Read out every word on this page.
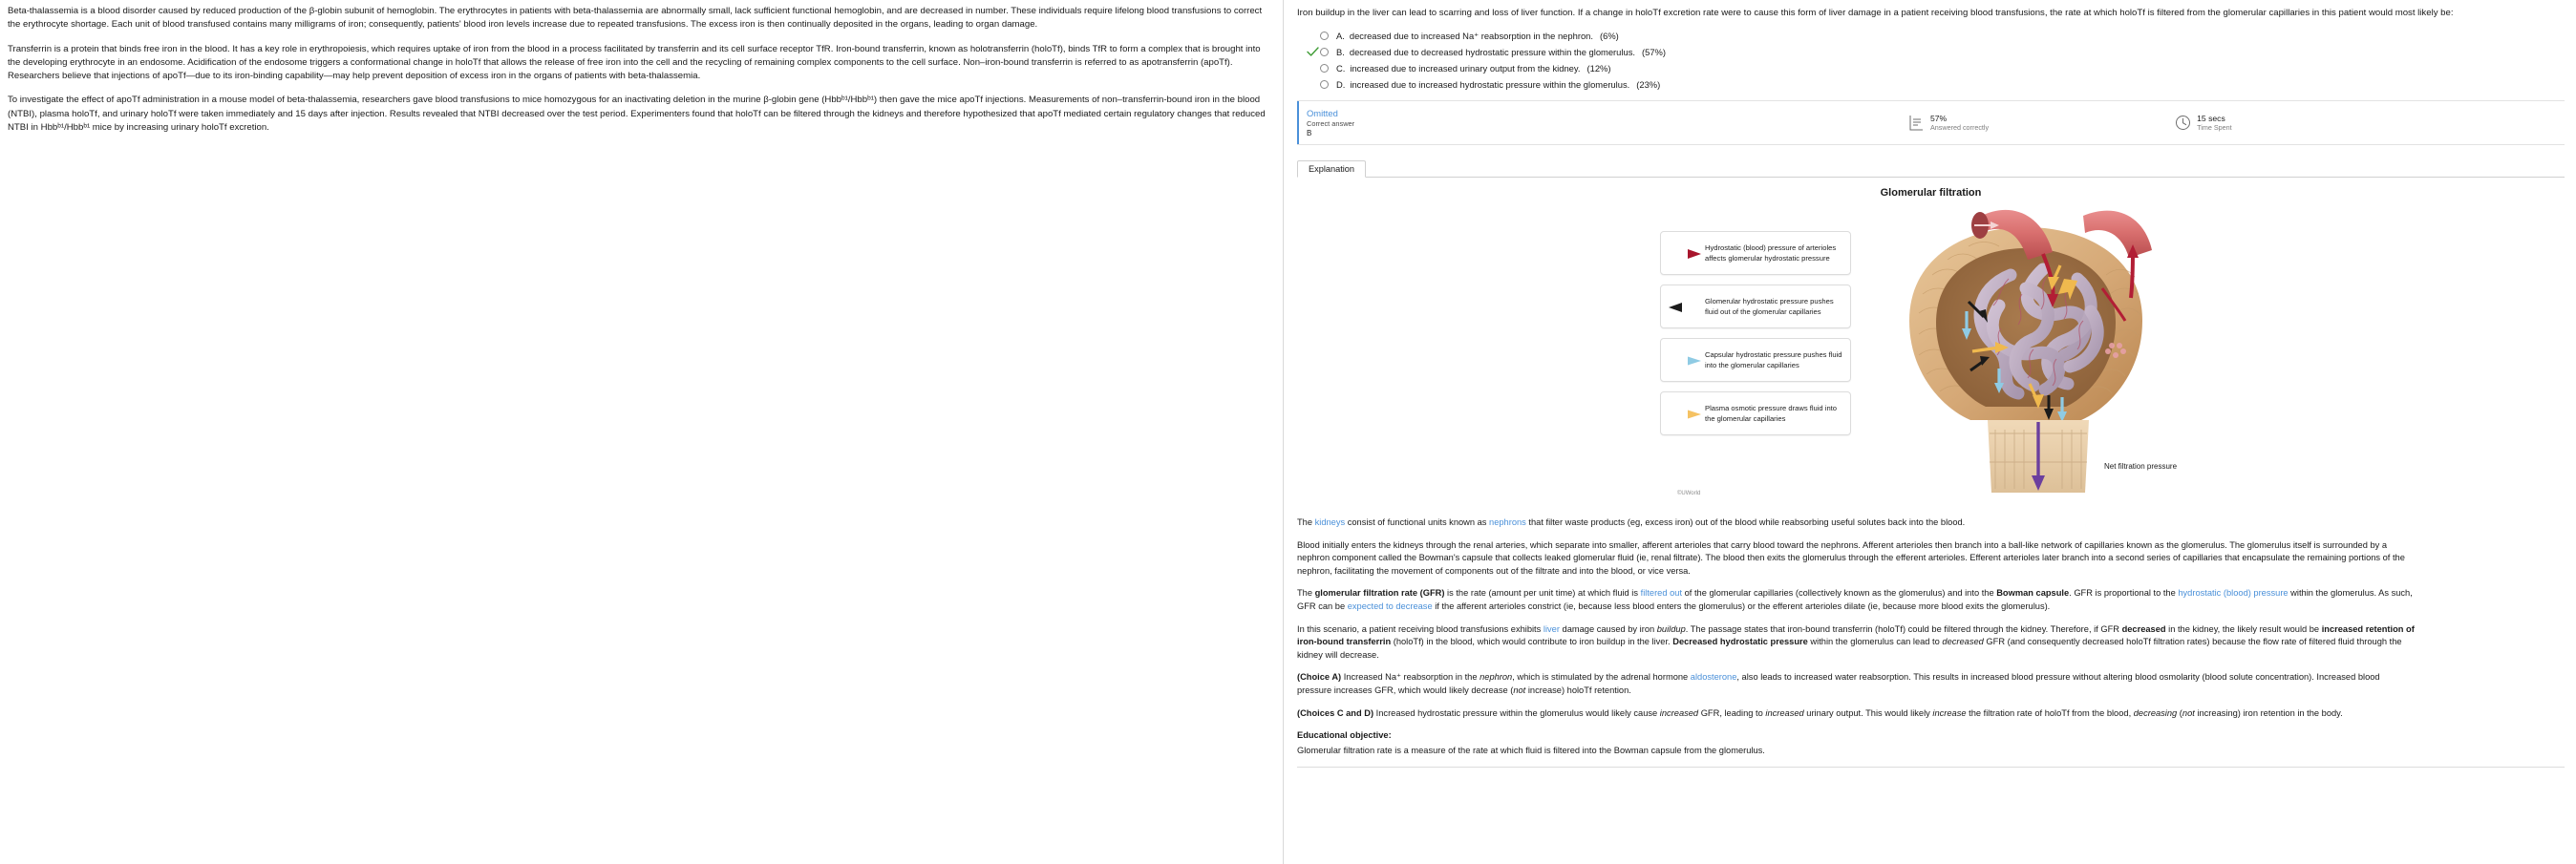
Beta-thalassemia is a blood disorder caused by reduced production of the β-globin subunit of hemoglobin. The erythrocytes in patients with beta-thalassemia are abnormally small, lack sufficient functional hemoglobin, and are decreased in number. These individuals require lifelong blood transfusions to correct the erythrocyte shortage. Each unit of blood transfused contains many milligrams of iron; consequently, patients' blood iron levels increase due to repeated transfusions. The excess iron is then continually deposited in the organs, leading to organ damage.

Transferrin is a protein that binds free iron in the blood. It has a key role in erythropoiesis, which requires uptake of iron from the blood in a process facilitated by transferrin and its cell surface receptor TfR. Iron-bound transferrin, known as holotransferrin (holoTf), binds TfR to form a complex that is brought into the developing erythrocyte in an endosome. Acidification of the endosome triggers a conformational change in holoTf that allows the release of free iron into the cell and the recycling of remaining complex components to the cell surface. Non–iron-bound transferrin is referred to as apotransferrin (apoTf). Researchers believe that injections of apoTf—due to its iron-binding capability—may help prevent deposition of excess iron in the organs of patients with beta-thalassemia.

To investigate the effect of apoTf administration in a mouse model of beta-thalassemia, researchers gave blood transfusions to mice homozygous for an inactivating deletion in the murine β-globin gene (Hbbᵇ¹/Hbbᵇ¹) then gave the mice apoTf injections. Measurements of non–transferrin-bound iron in the blood (NTBI), plasma holoTf, and urinary holoTf were taken immediately and 15 days after injection. Results revealed that NTBI decreased over the test period. Experimenters found that holoTf can be filtered through the kidneys and therefore hypothesized that apoTf mediated certain regulatory changes that reduced NTBI in Hbbᵇ¹/Hbbᵇ¹ mice by increasing urinary holoTf excretion.

Iron buildup in the liver can lead to scarring and loss of liver function. If a change in holoTf excretion rate were to cause this form of liver damage in a patient receiving blood transfusions, the rate at which holoTf is filtered from the glomerular capillaries in this patient would most likely be:
A. decreased due to increased Na⁺ reabsorption in the nephron. (6%)
B. decreased due to decreased hydrostatic pressure within the glomerulus. (57%)
C. increased due to increased urinary output from the kidney. (12%)
D. increased due to increased hydrostatic pressure within the glomerulus. (23%)
Omitted
Correct answer
B
57%
Answered correctly
15 secs
Time Spent
Explanation
Glomerular filtration
Hydrostatic (blood) pressure of arterioles affects glomerular hydrostatic pressure
Glomerular hydrostatic pressure pushes fluid out of the glomerular capillaries
Capsular hydrostatic pressure pushes fluid into the glomerular capillaries
Plasma osmotic pressure draws fluid into the glomerular capillaries
Net filtration pressure
©UWorld

The kidneys consist of functional units known as nephrons that filter waste products (eg, excess iron) out of the blood while reabsorbing useful solutes back into the blood.

Blood initially enters the kidneys through the renal arteries, which separate into smaller, afferent arterioles that carry blood toward the nephrons. Afferent arterioles then branch into a ball-like network of capillaries known as the glomerulus. The glomerulus itself is surrounded by a
nephron component called the Bowman's capsule that collects leaked glomerular fluid (ie, renal filtrate). The blood then exits the glomerulus through the efferent arterioles. Efferent arterioles later branch into a second series of capillaries that encapsulate the remaining portions of the
nephron, facilitating the movement of components out of the filtrate and into the blood, or vice versa.

The glomerular filtration rate (GFR) is the rate (amount per unit time) at which fluid is filtered out of the glomerular capillaries (collectively known as the glomerulus) and into the Bowman capsule. GFR is proportional to the hydrostatic (blood) pressure within the glomerulus. As such,
GFR can be expected to decrease if the afferent arterioles constrict (ie, because less blood enters the glomerulus) or the efferent arterioles dilate (ie, because more blood exits the glomerulus).

In this scenario, a patient receiving blood transfusions exhibits liver damage caused by iron buildup. The passage states that iron-bound transferrin (holoTf) could be filtered through the kidney. Therefore, if GFR decreased in the kidney, the likely result would be increased retention of
iron-bound transferrin (holoTf) in the blood, which would contribute to iron buildup in the liver. Decreased hydrostatic pressure within the glomerulus can lead to decreased GFR (and consequently decreased holoTf filtration rates) because the flow rate of filtered fluid through the
kidney will decrease.

(Choice A) Increased Na⁺ reabsorption in the nephron, which is stimulated by the adrenal hormone aldosterone, also leads to increased water reabsorption. This results in increased blood pressure without altering blood osmolarity (blood solute concentration). Increased blood
pressure increases GFR, which would likely decrease (not increase) holoTf retention.

(Choices C and D) Increased hydrostatic pressure within the glomerulus would likely cause increased GFR, leading to increased urinary output. This would likely increase the filtration rate of holoTf from the blood, decreasing (not increasing) iron retention in the body.

Educational objective:

Glomerular filtration rate is a measure of the rate at which fluid is filtered into the Bowman capsule from the glomerulus.
